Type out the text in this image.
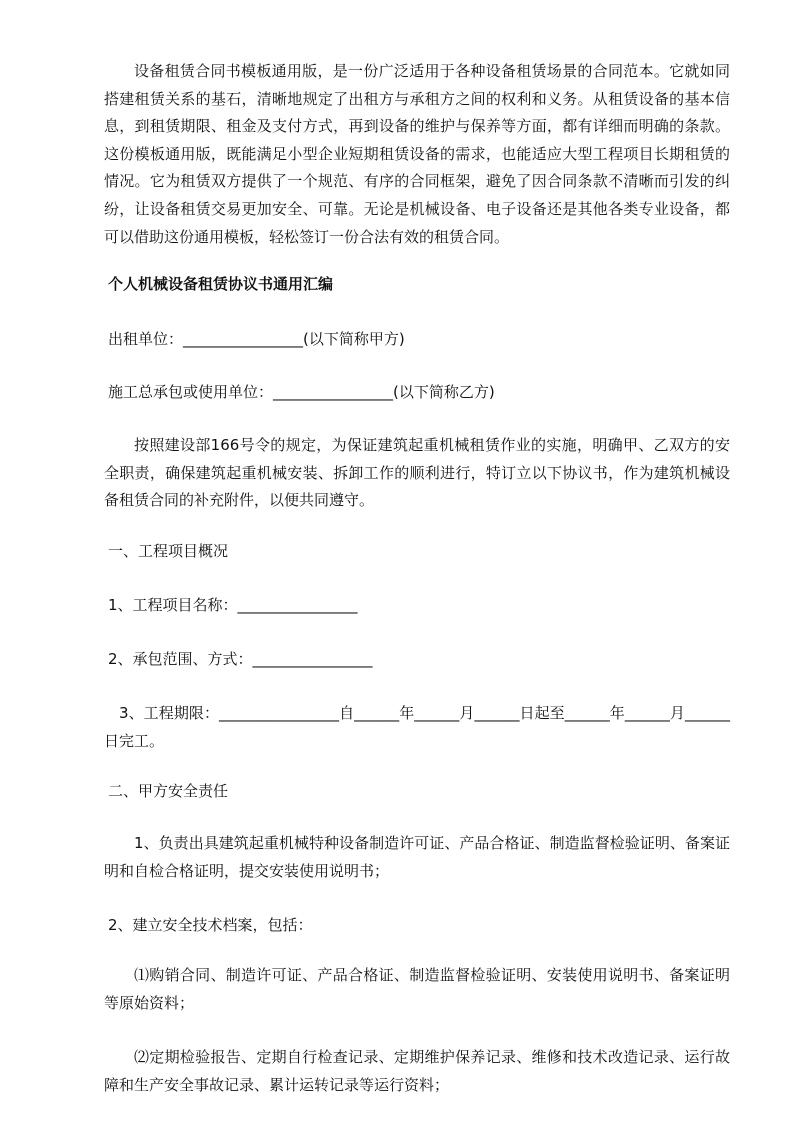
设备租赁合同书模板通用版，是一份广泛适用于各种设备租赁场景的合同范本。它就如同搭建租赁关系的基石，清晰地规定了出租方与承租方之间的权利和义务。从租赁设备的基本信息，到租赁期限、租金及支付方式，再到设备的维护与保养等方面，都有详细而明确的条款。这份模板通用版，既能满足小型企业短期租赁设备的需求，也能适应大型工程项目长期租赁的情况。它为租赁双方提供了一个规范、有序的合同框架，避免了因合同条款不清晰而引发的纠纷，让设备租赁交易更加安全、可靠。无论是机械设备、电子设备还是其他各类专业设备，都可以借助这份通用模板，轻松签订一份合法有效的租赁合同。

个人机械设备租赁协议书通用汇编

出租单位：________________(以下简称甲方)

施工总承包或使用单位：________________(以下简称乙方)

按照建设部166号令的规定，为保证建筑起重机械租赁作业的实施，明确甲、乙双方的安全职责，确保建筑起重机械安装、拆卸工作的顺利进行，特订立以下协议书，作为建筑机械设备租赁合同的补充附件，以便共同遵守。

一、工程项目概况

1、工程项目名称：________________

2、承包范围、方式：________________

3、工程期限：________________自______年______月______日起至______年______月______日完工。

二、甲方安全责任

1、负责出具建筑起重机械特种设备制造许可证、产品合格证、制造监督检验证明、备案证明和自检合格证明，提交安装使用说明书；

2、建立安全技术档案，包括：

⑴购销合同、制造许可证、产品合格证、制造监督检验证明、安装使用说明书、备案证明等原始资料；

⑵定期检验报告、定期自行检查记录、定期维护保养记录、维修和技术改造记录、运行故障和生产安全事故记录、累计运转记录等运行资料；
